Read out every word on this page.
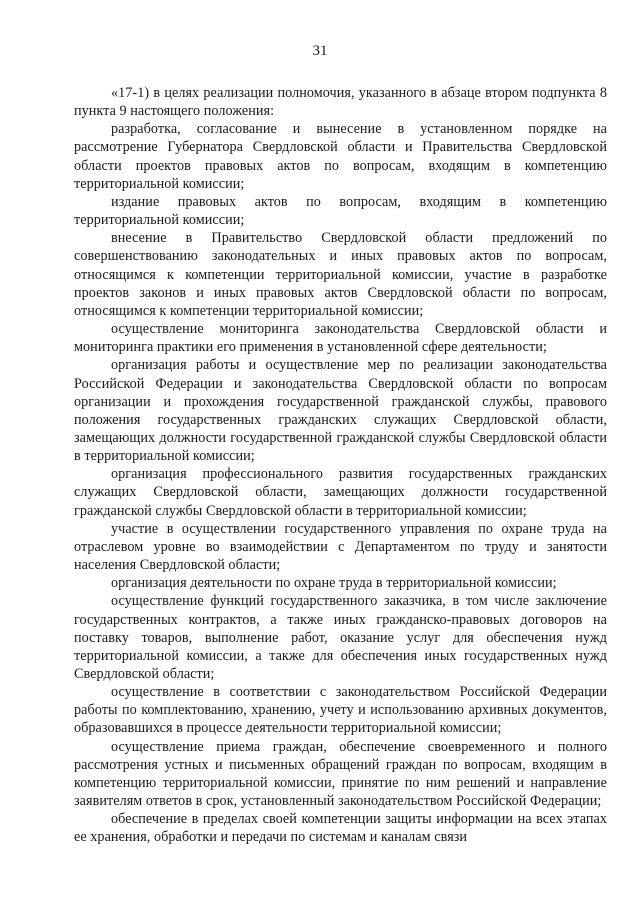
31

«17-1) в целях реализации полномочия, указанного в абзаце втором подпункта 8 пункта 9 настоящего положения:

разработка, согласование и вынесение в установленном порядке на рассмотрение Губернатора Свердловской области и Правительства Свердловской области проектов правовых актов по вопросам, входящим в компетенцию территориальной комиссии;

издание правовых актов по вопросам, входящим в компетенцию территориальной комиссии;

внесение в Правительство Свердловской области предложений по совершенствованию законодательных и иных правовых актов по вопросам, относящимся к компетенции территориальной комиссии, участие в разработке проектов законов и иных правовых актов Свердловской области по вопросам, относящимся к компетенции территориальной комиссии;

осуществление мониторинга законодательства Свердловской области и мониторинга практики его применения в установленной сфере деятельности;

организация работы и осуществление мер по реализации законодательства Российской Федерации и законодательства Свердловской области по вопросам организации и прохождения государственной гражданской службы, правового положения государственных гражданских служащих Свердловской области, замещающих должности государственной гражданской службы Свердловской области в территориальной комиссии;

организация профессионального развития государственных гражданских служащих Свердловской области, замещающих должности государственной гражданской службы Свердловской области в территориальной комиссии;

участие в осуществлении государственного управления по охране труда на отраслевом уровне во взаимодействии с Департаментом по труду и занятости населения Свердловской области;

организация деятельности по охране труда в территориальной комиссии;

осуществление функций государственного заказчика, в том числе заключение государственных контрактов, а также иных гражданско-правовых договоров на поставку товаров, выполнение работ, оказание услуг для обеспечения нужд территориальной комиссии, а также для обеспечения иных государственных нужд Свердловской области;

осуществление в соответствии с законодательством Российской Федерации работы по комплектованию, хранению, учету и использованию архивных документов, образовавшихся в процессе деятельности территориальной комиссии;

осуществление приема граждан, обеспечение своевременного и полного рассмотрения устных и письменных обращений граждан по вопросам, входящим в компетенцию территориальной комиссии, принятие по ним решений и направление заявителям ответов в срок, установленный законодательством Российской Федерации;

обеспечение в пределах своей компетенции защиты информации на всех этапах ее хранения, обработки и передачи по системам и каналам связи
